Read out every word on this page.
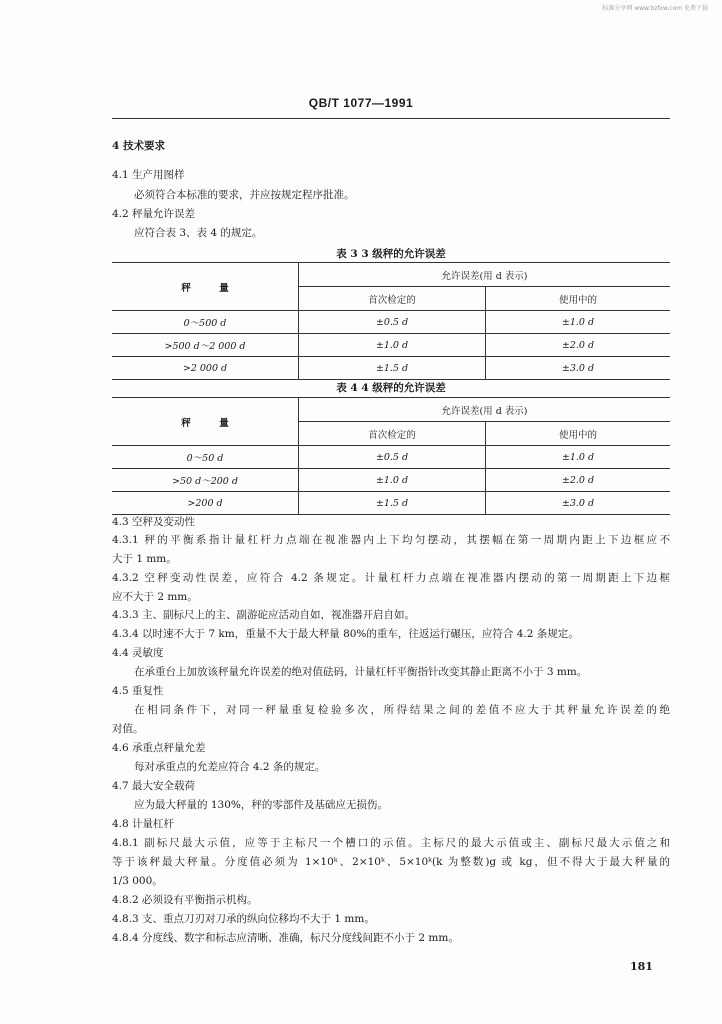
标准分享网 www.bzfxw.com 免费下载
QB/T 1077—1991
4 技术要求
4.1 生产用图样
必须符合本标准的要求，并应按规定程序批准。
4.2 秤量允许误差
应符合表 3、表 4 的规定。
表 3 3 级秤的允许误差
秤　　　量	允许误差(用 d 表示)	
	首次检定的	使用中的
0～500 d	±0.5 d	±1.0 d
>500 d～2 000 d	±1.0 d	±2.0 d
>2 000 d	±1.5 d	±3.0 d
表 4 4 级秤的允许误差
秤　　　量	允许误差(用 d 表示)	
	首次检定的	使用中的
0～50 d	±0.5 d	±1.0 d
>50 d～200 d	±1.0 d	±2.0 d
>200 d	±1.5 d	±3.0 d
4.3 空秤及变动性
4.3.1 秤的平衡系指计量杠杆力点端在视准器内上下均匀摆动，其摆幅在第一周期内距上下边框应不
大于 1 mm。
4.3.2 空秤变动性误差，应符合 4.2 条规定。计量杠杆力点端在视准器内摆动的第一周期距上下边框
应不大于 2 mm。
4.3.3 主、副标尺上的主、副游砣应活动自如，视准器开启自如。
4.3.4 以时速不大于 7 km，重量不大于最大秤量 80%的重车，往返运行碾压，应符合 4.2 条规定。
4.4 灵敏度
在承重台上加放该秤量允许误差的绝对值砝码，计量杠杆平衡指针改变其静止距离不小于 3 mm。
4.5 重复性
在相同条件下，对同一秤量重复检验多次，所得结果之间的差值不应大于其秤量允许误差的绝
对值。
4.6 承重点秤量允差
每对承重点的允差应符合 4.2 条的规定。
4.7 最大安全载荷
应为最大秤量的 130%，秤的零部件及基础应无损伤。
4.8 计量杠杆
4.8.1 副标尺最大示值，应等于主标尺一个槽口的示值。主标尺的最大示值或主、副标尺最大示值之和
等于该秤最大秤量。分度值必须为 1×10ᵏ、2×10ᵏ、5×10ᵏ(k 为整数)g 或 kg，但不得大于最大秤量的
1/3 000。
4.8.2 必须设有平衡指示机构。
4.8.3 支、重点刀刃对刀承的纵向位移均不大于 1 mm。
4.8.4 分度线、数字和标志应清晰、准确，标尺分度线间距不小于 2 mm。
181
